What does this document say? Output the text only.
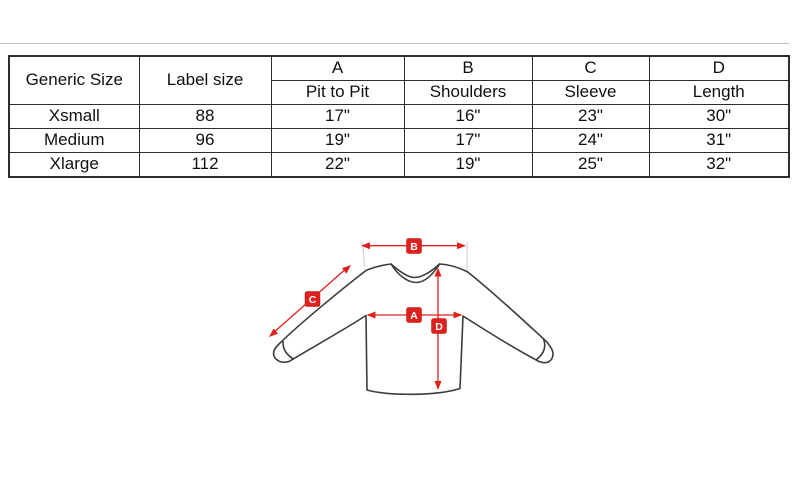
Generic Size	Label size	A	B	C	D
		Pit to Pit	Shoulders	Sleeve	Length
Xsmall	88	17"	16"	23"	30"
Medium	96	19"	17"	24"	31"
Xlarge	112	22"	19"	25"	32"
B
C
A
D
